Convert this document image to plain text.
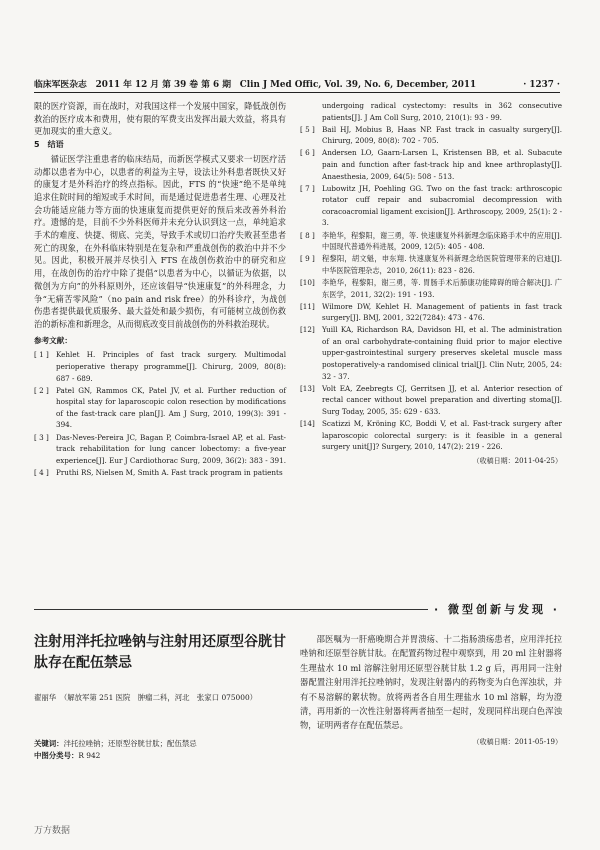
临床军医杂志　2011 年 12 月 第 39 卷 第 6 期　Clin J Med Offic, Vol. 39, No. 6, December, 2011	· 1237 ·

限的医疗资源，而在战时，对我国这样一个发展中国家，降低战创伤救治的医疗成本和费用，使有限的军费支出发挥出最大效益，将具有更加现实的重大意义。

5　结语

循证医学注重患者的临床结局，而新医学模式又要求一切医疗活动都以患者为中心，以患者的利益为主导，设法让外科患者既快又好的康复才是外科治疗的终点指标。因此，FTS 的“快速”绝不是单纯追求住院时间的缩短或手术时间，而是通过促进患者生理、心理及社会功能适应能力等方面的快速康复而提供更好的预后来改善外科治疗。遗憾的是，目前不少外科医师并未充分认识到这一点，单纯追求手术的难度、快捷、彻底、完美，导致手术或切口治疗失败甚至患者死亡的现象，在外科临床特别是在复杂和严重战创伤的救治中并不少见。因此，积极开展并尽快引入 FTS 在战创伤救治中的研究和应用，在战创伤的治疗中除了提倡“以患者为中心，以循证为依据，以微创为方向”的外科原则外，还应该倡导“快速康复”的外科理念，力争“无痛苦零风险”（no pain and risk free）的外科诊疗，为战创伤患者提供最优质服务、最大益处和最少损伤，有可能树立战创伤救治的新标准和新理念，从而彻底改变目前战创伤的外科救治现状。

参考文献：
[ 1 ]	Kehlet H. Principles of fast track surgery. Multimodal perioperative therapy programme[J]. Chirurg, 2009, 80(8): 687 - 689.
[ 2 ]	Patel GN, Rammos CK, Patel JV, et al. Further reduction of hospital stay for laparoscopic colon resection by modifications of the fast-track care plan[J]. Am J Surg, 2010, 199(3): 391 - 394.
[ 3 ]	Das-Neves-Pereira JC, Bagan P, Coimbra-Israel AP, et al. Fast-track rehabilitation for lung cancer lobectomy: a five-year experience[J]. Eur J Cardiothorac Surg, 2009, 36(2): 383 - 391.
[ 4 ]	Pruthi RS, Nielsen M, Smith A. Fast track program in patients
undergoing radical cystectomy: results in 362 consecutive patients[J]. J Am Coll Surg, 2010, 210(1): 93 - 99.
[ 5 ]	Bail HJ, Mobius B, Haas NP. Fast track in casualty surgery[J]. Chirurg, 2009, 80(8): 702 - 705.
[ 6 ]	Andersen LO, Gaarn-Larsen L, Kristensen BB, et al. Subacute pain and function after fast-track hip and knee arthroplasty[J]. Anaesthesia, 2009, 64(5): 508 - 513.
[ 7 ]	Lubowitz JH, Poehling GG. Two on the fast track: arthroscopic rotator cuff repair and subacromial decompression with coracoacromial ligament excision[J]. Arthroscopy, 2009, 25(1): 2 - 3.
[ 8 ]	李艳华，程黎阳，谢三勇，等. 快速康复外科新理念临床路手术中的应用[J]. 中国现代普通外科进展，2009, 12(5): 405 - 408.
[ 9 ]	程黎阳，胡文魁，申东翔. 快速康复外科新理念给医院管理带来的启迪[J]. 中华医院管理杂志，2010, 26(11): 823 - 826.
[10]	李艳华，程黎阳，谢三勇，等. 胃肠手术后肺康功能障碍的暗合解决[J]. 广东医学，2011, 32(2): 191 - 193.
[11]	Wilmore DW, Kehlet H. Management of patients in fast track surgery[J]. BMJ, 2001, 322(7284): 473 - 476.
[12]	Yuill KA, Richardson RA, Davidson HI, et al. The administration of an oral carbohydrate-containing fluid prior to major elective upper-gastrointestinal surgery preserves skeletal muscle mass postoperatively-a randomised clinical trial[J]. Clin Nutr, 2005, 24: 32 - 37.
[13]	Volt EA, Zeebregts CJ, Gerritsen JJ, et al. Anterior resection of rectal cancer without bowel preparation and diverting stoma[J]. Surg Today, 2005, 35: 629 - 633.
[14]	Scatizzi M, Kröning KC, Boddi V, et al. Fast-track surgery after laparoscopic colorectal surgery: is it feasible in a general surgery unit[J]? Surgery, 2010, 147(2): 219 - 226.
（收稿日期：2011-04-25）
· 微型创新与发现 ·
注射用泮托拉唑钠与注射用还原型谷胱甘肽存在配伍禁忌
翟丽华　（解放军第 251 医院　肿瘤二科，河北　张家口 075000）
关键词：泮托拉唑钠；还原型谷胱甘肽；配伍禁忌
中图分类号：R 942

邵医嘱为一肝癌晚期合并胃溃疡、十二指肠溃疡患者，应用泮托拉唑钠和还原型谷胱甘肽。在配置药物过程中观察到，用 20 ml 注射器将生理盐水 10 ml 溶解注射用还原型谷胱甘肽 1.2 g 后，再用同一注射器配置注射用泮托拉唑钠时，发现注射器内的药物变为白色浑浊状，并有不易溶解的絮状物。放将两者各自用生理盐水 10 ml 溶解，均为澄清，再用新的一次性注射器将两者抽至一起时，发现同样出现白色浑浊物，证明两者存在配伍禁忌。

（收稿日期：2011-05-19）
万方数据
